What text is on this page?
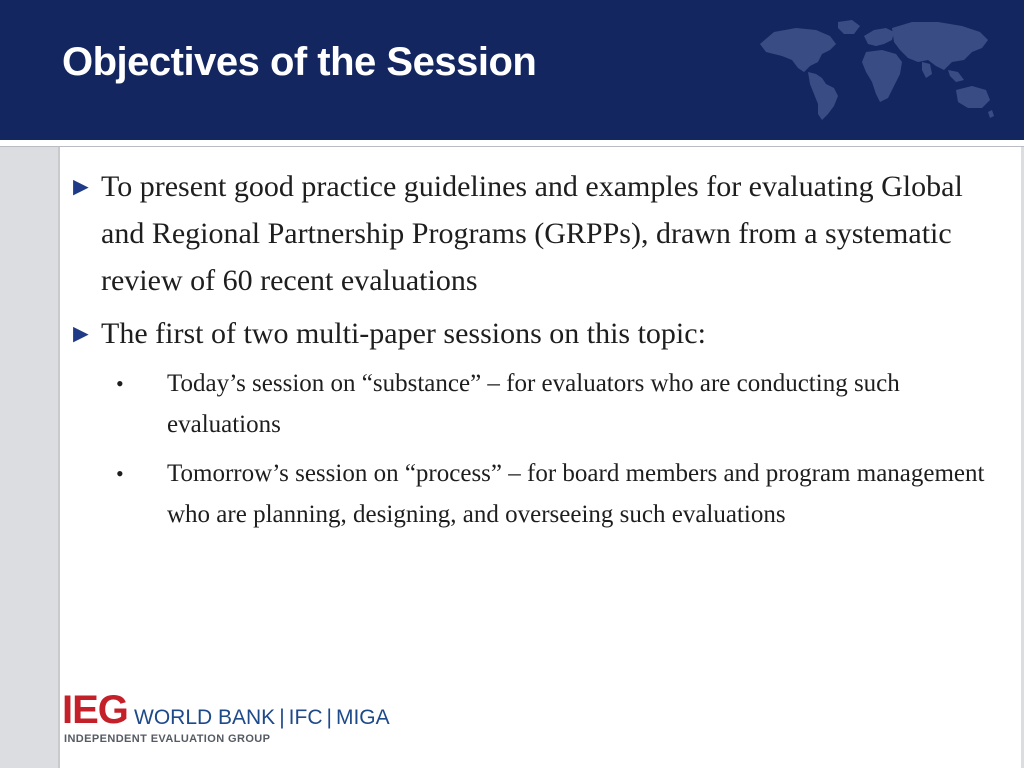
Objectives of the Session
► To present good practice guidelines and examples for evaluating Global and Regional Partnership Programs (GRPPs), drawn from a systematic review of 60 recent evaluations
► The first of two multi-paper sessions on this topic:
• Today’s session on “substance” – for evaluators who are conducting such evaluations
• Tomorrow’s session on “process” – for board members and program management who are planning, designing, and overseeing such evaluations
IEG WORLD BANK | IFC | MIGA
INDEPENDENT EVALUATION GROUP
